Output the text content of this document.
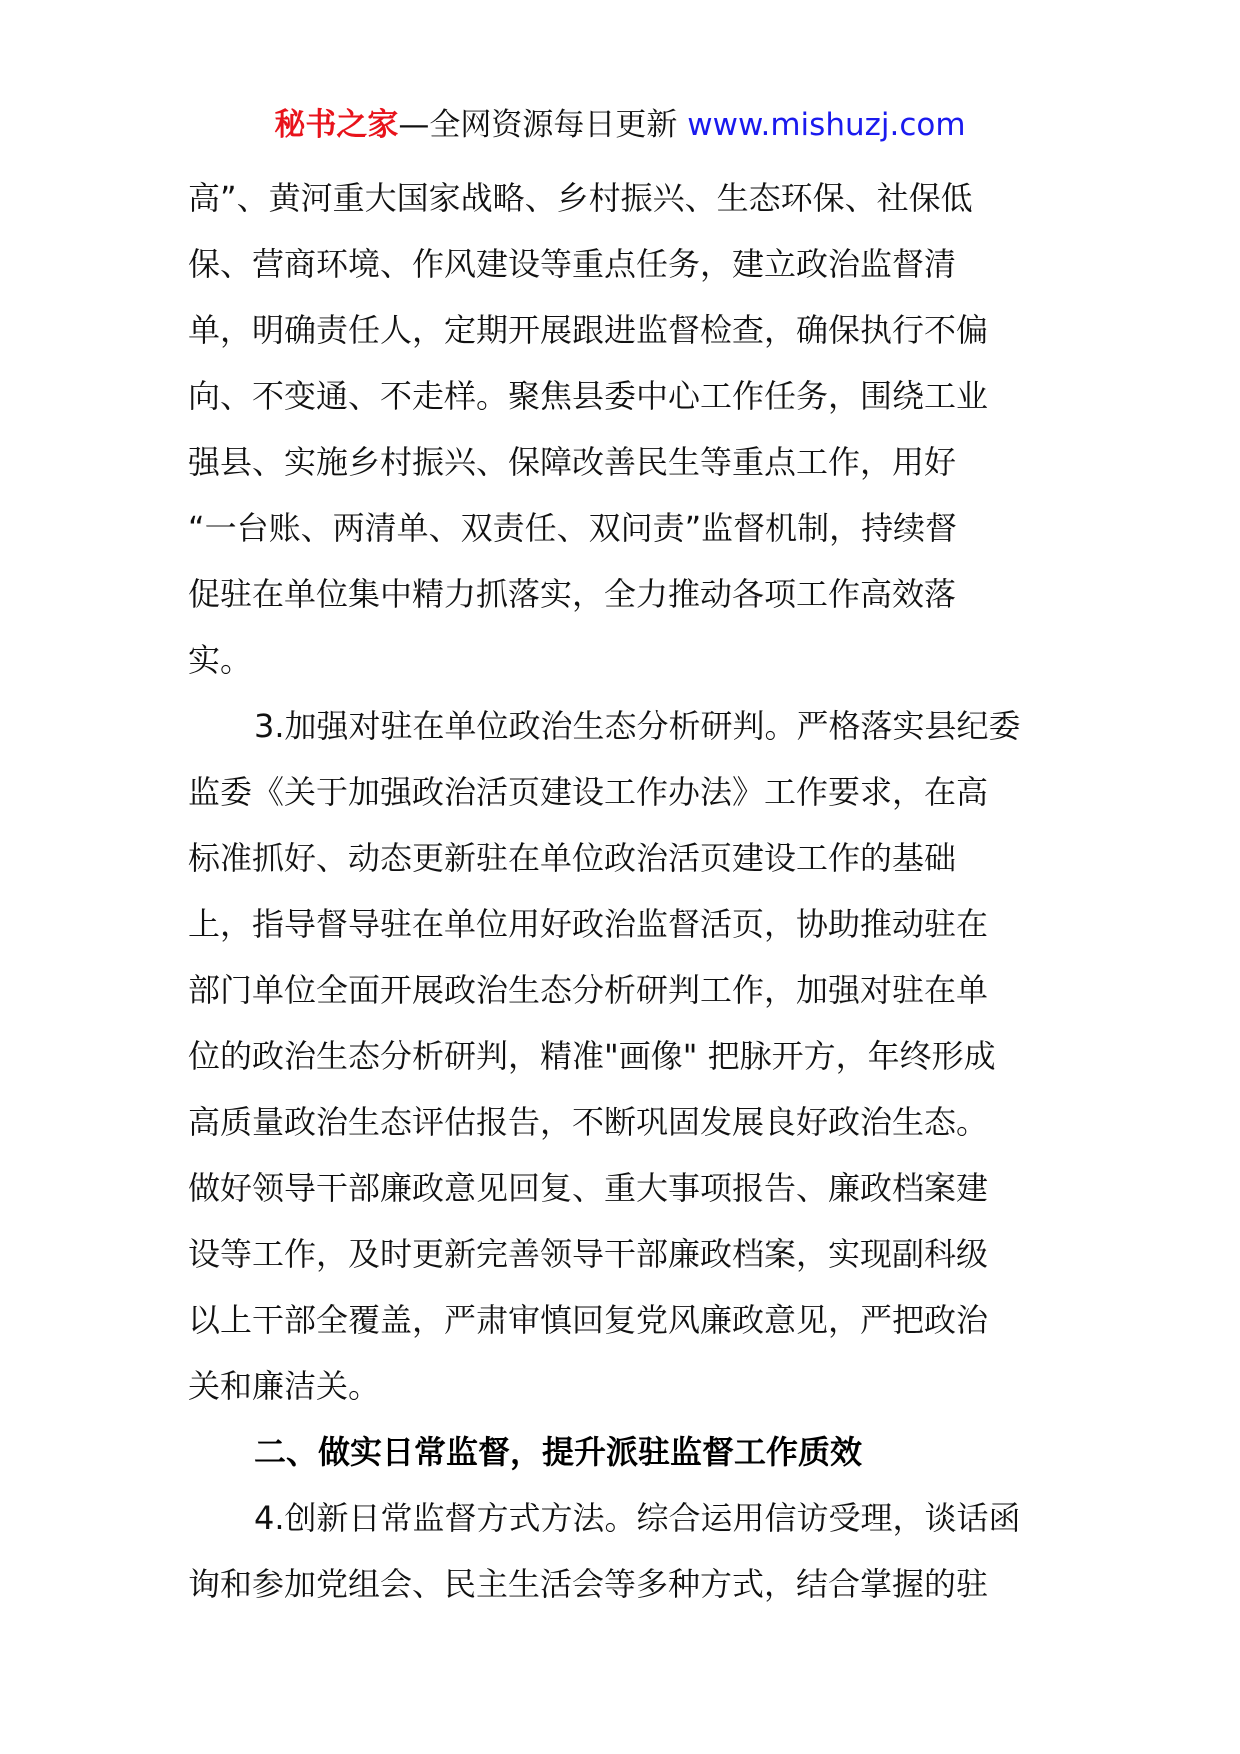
秘书之家—全网资源每日更新 www.mishuzj.com
高”、黄河重大国家战略、乡村振兴、生态环保、社保低
保、营商环境、作风建设等重点任务，建立政治监督清
单，明确责任人，定期开展跟进监督检查，确保执行不偏
向、不变通、不走样。聚焦县委中心工作任务，围绕工业
强县、实施乡村振兴、保障改善民生等重点工作，用好
“一台账、两清单、双责任、双问责”监督机制，持续督
促驻在单位集中精力抓落实，全力推动各项工作高效落
实。
3.加强对驻在单位政治生态分析研判。严格落实县纪委
监委《关于加强政治活页建设工作办法》工作要求，在高
标准抓好、动态更新驻在单位政治活页建设工作的基础
上，指导督导驻在单位用好政治监督活页，协助推动驻在
部门单位全面开展政治生态分析研判工作，加强对驻在单
位的政治生态分析研判，精准"画像" 把脉开方，年终形成
高质量政治生态评估报告，不断巩固发展良好政治生态。
做好领导干部廉政意见回复、重大事项报告、廉政档案建
设等工作，及时更新完善领导干部廉政档案，实现副科级
以上干部全覆盖，严肃审慎回复党风廉政意见，严把政治
关和廉洁关。
二、做实日常监督，提升派驻监督工作质效
4.创新日常监督方式方法。综合运用信访受理，谈话函
询和参加党组会、民主生活会等多种方式，结合掌握的驻
